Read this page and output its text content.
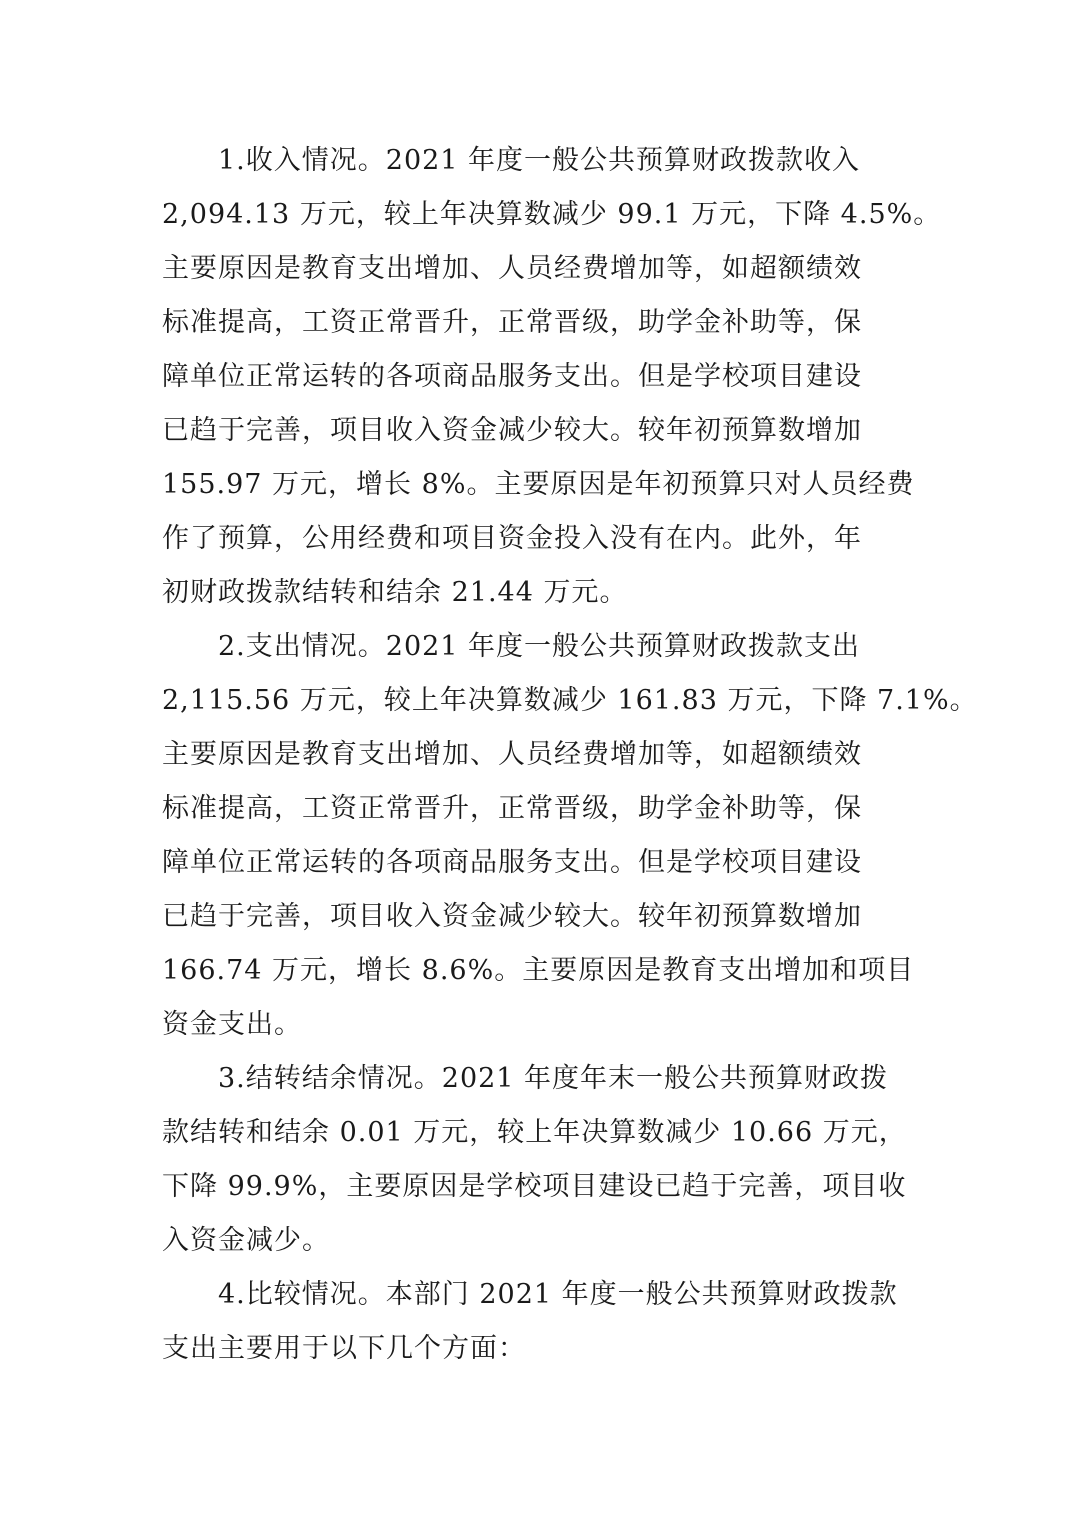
1.收入情况。2021 年度一般公共预算财政拨款收入
2,094.13 万元，较上年决算数减少 99.1 万元，下降 4.5%。
主要原因是教育支出增加、人员经费增加等，如超额绩效
标准提高，工资正常晋升，正常晋级，助学金补助等，保
障单位正常运转的各项商品服务支出。但是学校项目建设
已趋于完善，项目收入资金减少较大。较年初预算数增加
155.97 万元，增长 8%。主要原因是年初预算只对人员经费
作了预算，公用经费和项目资金投入没有在内。此外，年
初财政拨款结转和结余 21.44 万元。
2.支出情况。2021 年度一般公共预算财政拨款支出
2,115.56 万元，较上年决算数减少 161.83 万元，下降 7.1%。
主要原因是教育支出增加、人员经费增加等，如超额绩效
标准提高，工资正常晋升，正常晋级，助学金补助等，保
障单位正常运转的各项商品服务支出。但是学校项目建设
已趋于完善，项目收入资金减少较大。较年初预算数增加
166.74 万元，增长 8.6%。主要原因是教育支出增加和项目
资金支出。
3.结转结余情况。2021 年度年末一般公共预算财政拨
款结转和结余 0.01 万元，较上年决算数减少 10.66 万元，
下降 99.9%，主要原因是学校项目建设已趋于完善，项目收
入资金减少。
4.比较情况。本部门 2021 年度一般公共预算财政拨款
支出主要用于以下几个方面：
